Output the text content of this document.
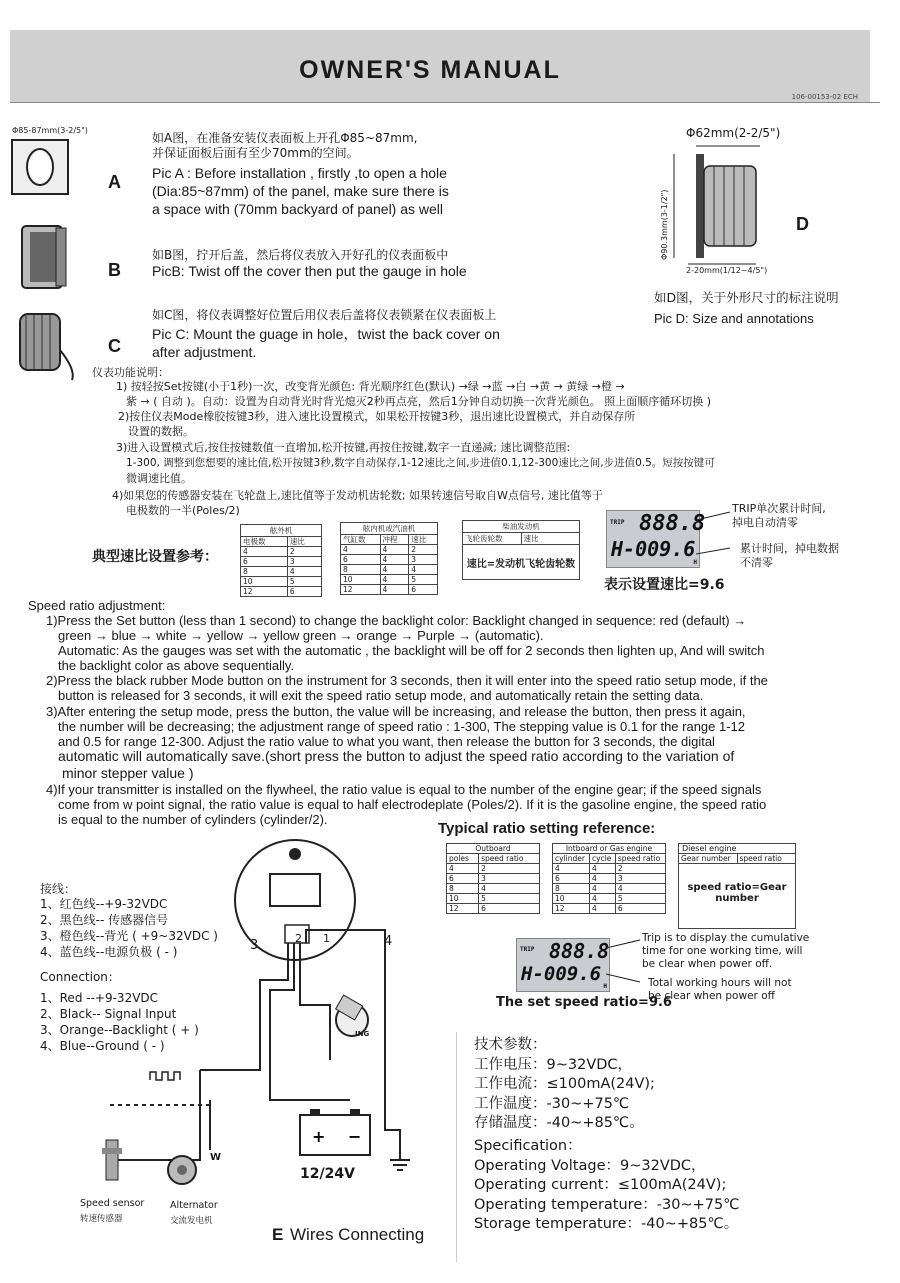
OWNER'S MANUAL
106-00153-02 ECH
Φ85-87mm(3-2/5")
A
如A图，在准备安装仪表面板上开孔Φ85~87mm,
并保证面板后面有至少70mm的空间。
Pic A : Before installation , firstly ,to open a hole
(Dia:85~87mm) of the panel, make sure there is
a space with (70mm backyard of panel) as well
B
如B图，拧开后盖，然后将仪表放入开好孔的仪表面板中
PicB: Twist off the cover then put the gauge in hole
C
如C图，将仪表调整好位置后用仪表后盖将仪表锁紧在仪表面板上
Pic C: Mount the guage in hole，twist the back cover on
after adjustment.
Φ62mm(2-2/5")
Φ90.3mm(3-1/2")
2-20mm(1/12~4/5")
D
如D图，关于外形尺寸的标注说明
Pic D: Size and annotations
仪表功能说明：
1) 按轻按Set按键(小于1秒)一次，改变背光颜色: 背光顺序红色(默认) →绿 →蓝 →白 →黄 → 黄绿 →橙 →
紫 → ( 自动 )。自动：设置为自动背光时背光熄灭2秒再点亮，然后1分钟自动切换一次背光颜色。 照上面顺序循环切换 )
2)按住仪表Mode橡胶按键3秒，进入速比设置模式，如果松开按键3秒，退出速比设置模式，并自动保存所
设置的数据。
3)进入设置模式后,按住按键数值一直增加,松开按键,再按住按键,数字一直递减; 速比调整范围:
1-300, 调整到您想要的速比值,松开按键3秒,数字自动保存,1-12速比之间,步进值0.1,12-300速比之间,步进值0.5。短按按键可
微调速比值。
4)如果您的传感器安装在飞轮盘上,速比值等于发动机齿轮数; 如果转速信号取自W点信号, 速比值等于
电极数的一半(Poles/2)
典型速比设置参考：
舷外机
电极数	速比
4	2
6	3
8	4
10	5
12	6
舷内机或汽油机
气缸数	冲程	速比
4	4	2
6	4	3
8	4	4
10	4	5
12	4	6
柴油发动机
飞轮齿轮数	速比
速比=发动机飞轮齿轮数
TRIP 888.8
H-009.6
H
TRIP单次累计时间,
掉电自动清零
累计时间，掉电数据
不清零
表示设置速比=9.6
Speed ratio adjustment:
1)Press the Set button (less than 1 second) to change the backlight color: Backlight changed in sequence: red (default) →
green → blue → white → yellow → yellow green → orange → Purple → (automatic).
Automatic: As the gauges was set with the automatic , the backlight will be off for 2 seconds then lighten up, And will switch
the backlight color as above sequentially.
2)Press the black rubber Mode button on the instrument for 3 seconds, then it will enter into the speed ratio setup mode, if the
button is released for 3 seconds, it will exit the speed ratio setup mode, and automatically retain the setting data.
3)After entering the setup mode, press the button, the value will be increasing, and release the button, then press it again,
the number will be decreasing; the adjustment range of speed ratio : 1-300, The stepping value is 0.1 for the range 1-12
and 0.5 for range 12-300. Adjust the ratio value to what you want, then release the button for 3 seconds, the digital
automatic will automatically save.(short press the button to adjust the speed ratio according to the variation of
minor stepper value )
4)If your transmitter is installed on the flywheel, the ratio value is equal to the number of the engine gear; if the speed signals
come from w point signal, the ratio value is equal to half electrodeplate (Poles/2). If it is the gasoline engine, the speed ratio
is equal to the number of cylinders (cylinder/2).
Typical ratio setting reference:
Outboard
poles	speed ratio
4	2
6	3
8	4
10	5
12	6
Intboard or Gas engine
cylinder	cycle	speed ratio
4	4	2
6	4	3
8	4	4
10	4	5
12	4	6
Diesel engine
Gear number	speed ratio
speed ratio=Gear number
TRIP 888.8
H-009.6
H
Trip is to display the cumulative
time for one working time, will
be clear when power off.
Total working hours will not
be clear when power off
The set speed ratio=9.6
接线：
1、红色线--+9-32VDC
2、黑色线-- 传感器信号
3、橙色线--背光 ( +9~32VDC )
4、蓝色线--电源负极 ( - )
Connection：
1、Red --+9-32VDC
2、Black-- Signal Input
3、Orange--Backlight ( + )
4、Blue--Ground ( - )
+ −
3	2 1	4
ING
W
12/24V
Speed sensor
转速传感器
Alternator
交流发电机
E Wires Connecting
技术参数：
工作电压：9~32VDC，
工作电流：≤100mA(24V);
工作温度：-30~+75℃
存储温度：-40~+85℃。
Specification：
Operating Voltage：9~32VDC，
Operating current：≤100mA(24V);
Operating temperature：-30~+75℃
Storage temperature：-40~+85℃。
